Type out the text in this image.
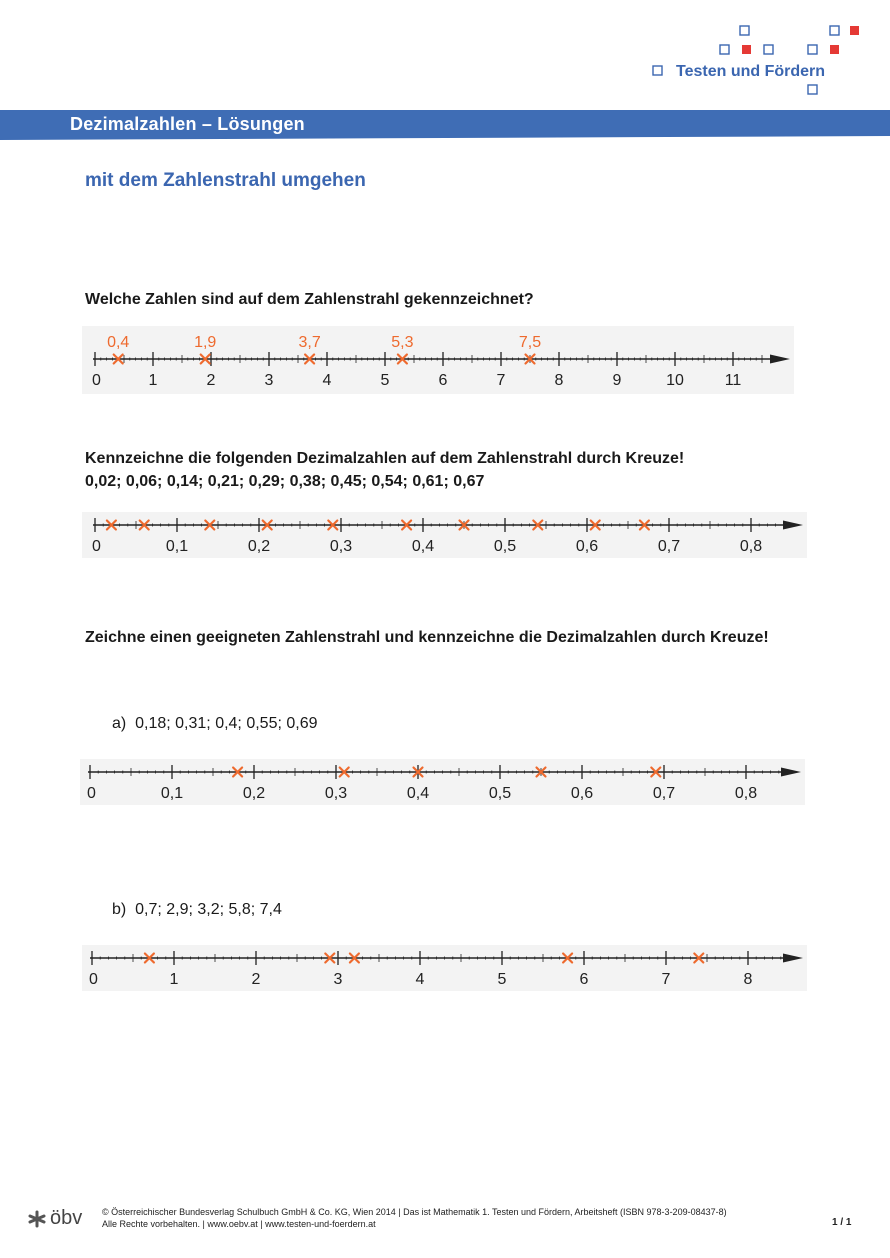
Testen und Fördern
Dezimalzahlen – Lösungen
mit dem Zahlenstrahl umgehen
Welche Zahlen sind auf dem Zahlenstrahl gekennzeichnet?
0	1	2	3	4	5	6	7	8	9	10	11
0,4	1,9	3,7	5,3	7,5
Kennzeichne die folgenden Dezimalzahlen auf dem Zahlenstrahl durch Kreuze!
0,02; 0,06; 0,14; 0,21; 0,29; 0,38; 0,45; 0,54; 0,61; 0,67
0	0,1	0,2	0,3	0,4	0,5	0,6	0,7	0,8
Zeichne einen geeigneten Zahlenstrahl und kennzeichne die Dezimalzahlen durch Kreuze!
a) 0,18; 0,31; 0,4; 0,55; 0,69
0	0,1	0,2	0,3	0,4	0,5	0,6	0,7	0,8
b) 0,7; 2,9; 3,2; 5,8; 7,4
0	1	2	3	4	5	6	7	8
öbv © Österreichischer Bundesverlag Schulbuch GmbH & Co. KG, Wien 2014 | Das ist Mathematik 1. Testen und Fördern, Arbeitsheft (ISBN 978-3-209-08437-8)
Alle Rechte vorbehalten. | www.oebv.at | www.testen-und-foerdern.at	1 / 1
